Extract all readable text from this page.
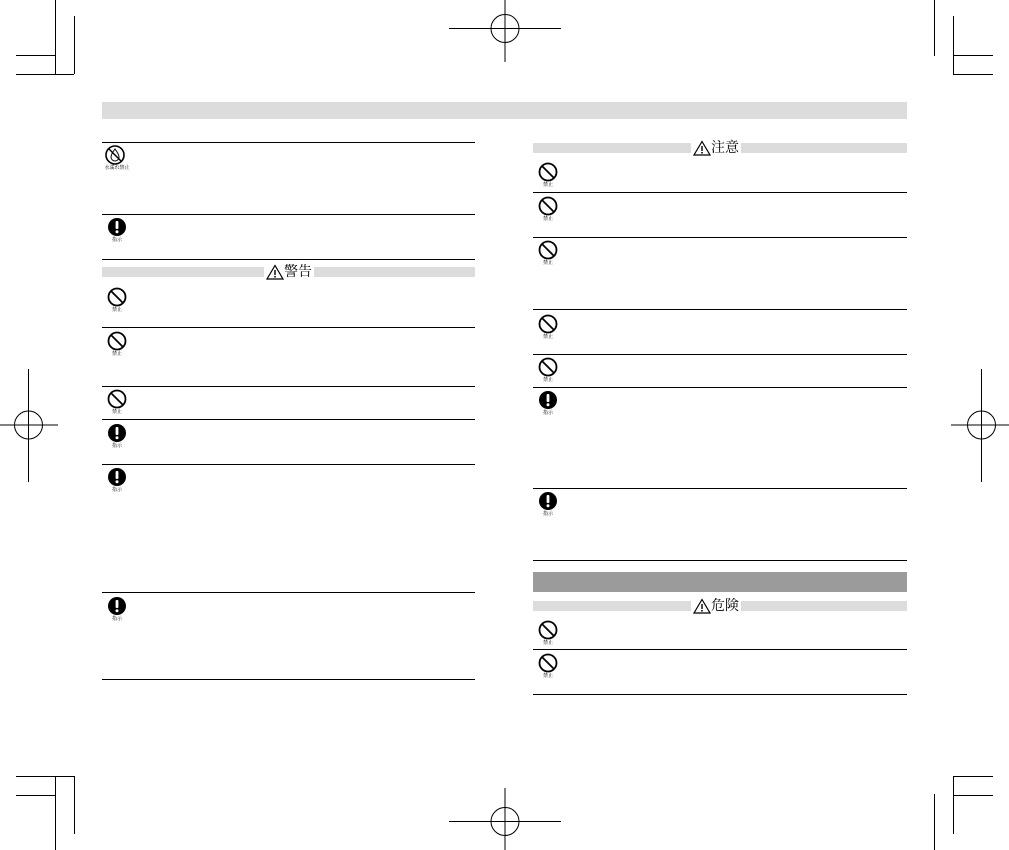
水濡れ禁止
指示
警告
禁止
禁止
禁止
指示
指示
指示
注意
禁止
禁止
禁止
禁止
禁止
指示
指示
危険
禁止
禁止
